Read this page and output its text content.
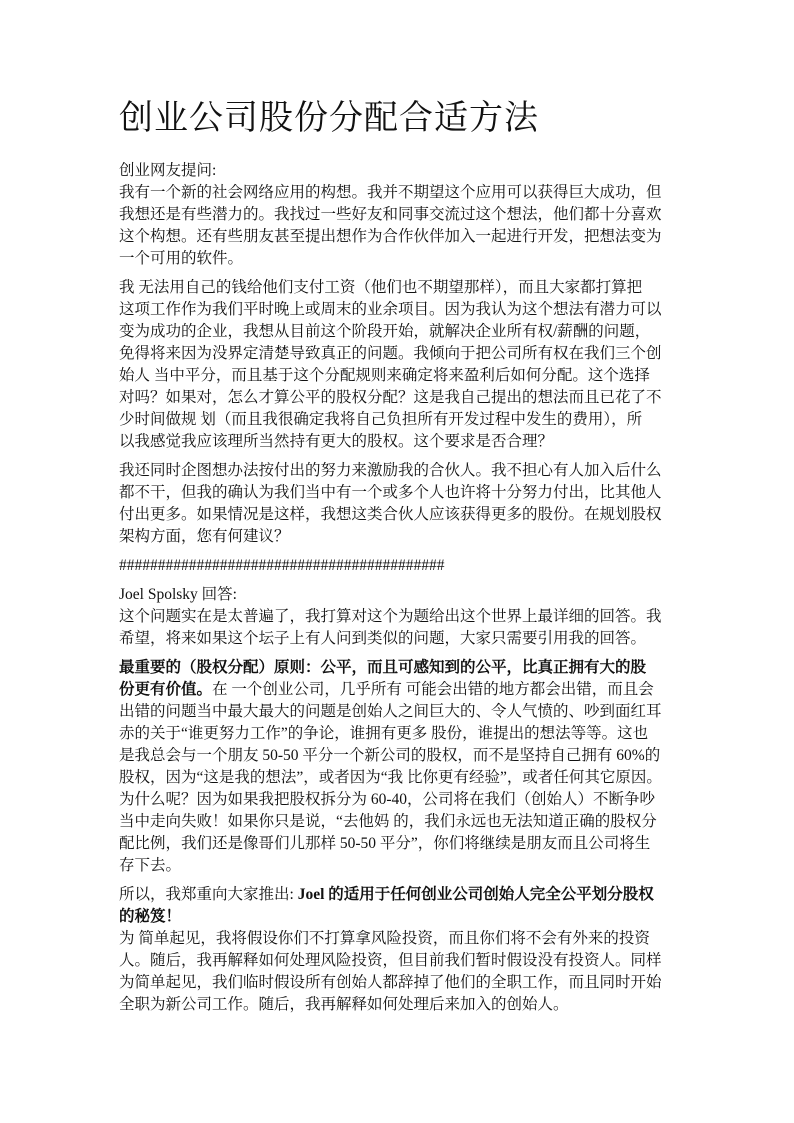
创业公司股份分配合适方法
创业网友提问:
我有一个新的社会网络应用的构想。我并不期望这个应用可以获得巨大成功，但
我想还是有些潜力的。我找过一些好友和同事交流过这个想法，他们都十分喜欢
这个构想。还有些朋友甚至提出想作为合作伙伴加入一起进行开发，把想法变为
一个可用的软件。
我 无法用自己的钱给他们支付工资（他们也不期望那样），而且大家都打算把
这项工作作为我们平时晚上或周末的业余项目。因为我认为这个想法有潜力可以
变为成功的企业，我想从目前这个阶段开始，就解决企业所有权/薪酬的问题，
免得将来因为没界定清楚导致真正的问题。我倾向于把公司所有权在我们三个创
始人 当中平分，而且基于这个分配规则来确定将来盈利后如何分配。这个选择
对吗？如果对，怎么才算公平的股权分配？这是我自己提出的想法而且已花了不
少时间做规 划（而且我很确定我将自己负担所有开发过程中发生的费用），所
以我感觉我应该理所当然持有更大的股权。这个要求是否合理？
我还同时企图想办法按付出的努力来激励我的合伙人。我不担心有人加入后什么
都不干，但我的确认为我们当中有一个或多个人也许将十分努力付出，比其他人
付出更多。如果情况是这样，我想这类合伙人应该获得更多的股份。在规划股权
架构方面，您有何建议？
##########################################
Joel Spolsky 回答:
这个问题实在是太普遍了，我打算对这个为题给出这个世界上最详细的回答。我
希望，将来如果这个坛子上有人问到类似的问题，大家只需要引用我的回答。
最重要的（股权分配）原则：公平，而且可感知到的公平，比真正拥有大的股
份更有价值。在 一个创业公司，几乎所有 可能会出错的地方都会出错，而且会
出错的问题当中最大最大的问题是创始人之间巨大的、令人气愤的、吵到面红耳
赤的关于“谁更努力工作”的争论，谁拥有更多 股份，谁提出的想法等等。这也
是我总会与一个朋友 50-50 平分一个新公司的股权，而不是坚持自己拥有 60%的
股权，因为“这是我的想法”，或者因为“我 比你更有经验”，或者任何其它原因。
为什么呢？因为如果我把股权拆分为 60-40，公司将在我们（创始人）不断争吵
当中走向失败！如果你只是说，“去他妈 的，我们永远也无法知道正确的股权分
配比例，我们还是像哥们儿那样 50-50 平分”，你们将继续是朋友而且公司将生
存下去。
所以，我郑重向大家推出: Joel 的适用于任何创业公司创始人完全公平划分股权
的秘笈！
为 简单起见，我将假设你们不打算拿风险投资，而且你们将不会有外来的投资
人。随后，我再解释如何处理风险投资，但目前我们暂时假设没有投资人。同样
为简单起见，我们临时假设所有创始人都辞掉了他们的全职工作，而且同时开始
全职为新公司工作。随后，我再解释如何处理后来加入的创始人。
